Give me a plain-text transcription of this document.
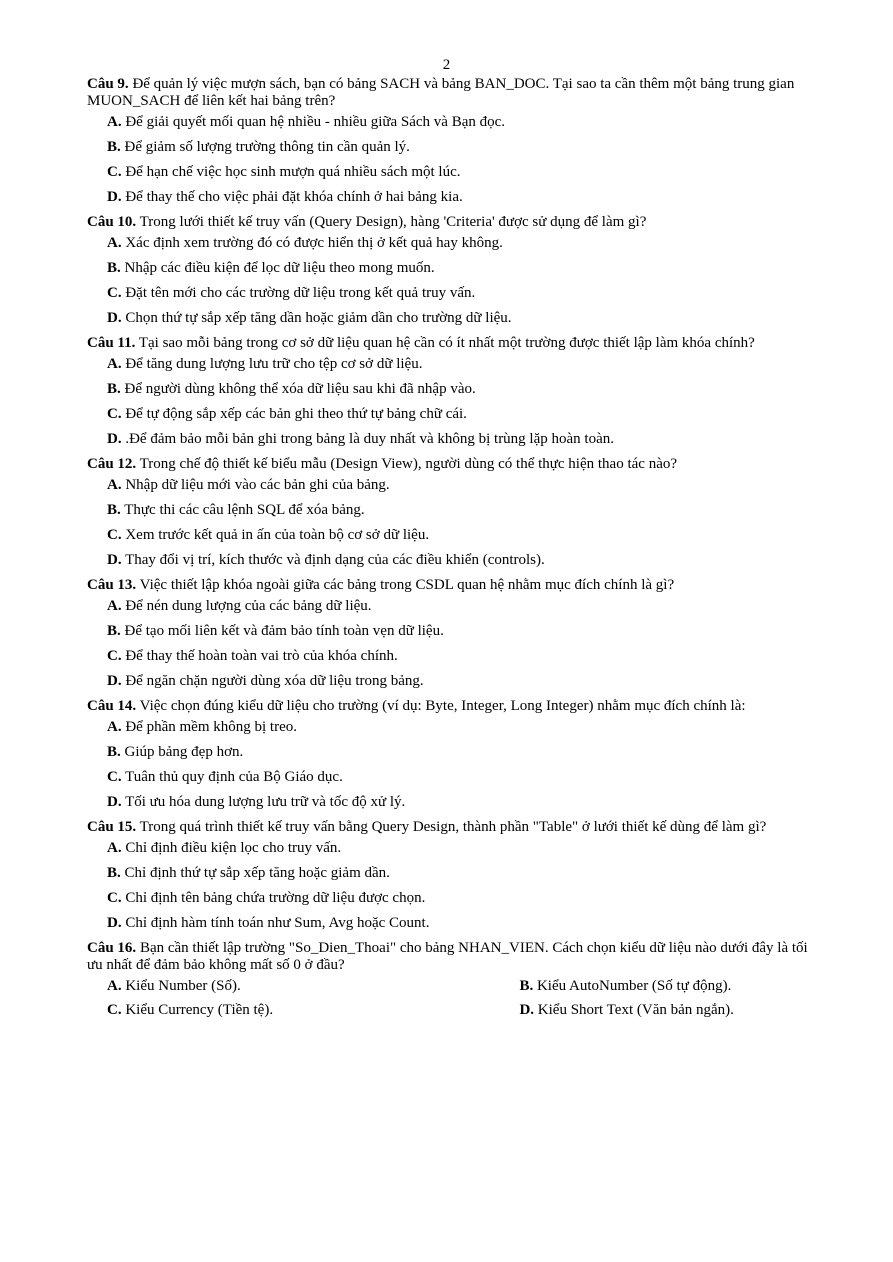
2

Câu 9. Để quản lý việc mượn sách, bạn có bảng SACH và bảng BAN_DOC. Tại sao ta cần thêm một bảng trung gian MUON_SACH để liên kết hai bảng trên?

A. Để giải quyết mối quan hệ nhiều - nhiều giữa Sách và Bạn đọc.
B. Để giảm số lượng trường thông tin cần quản lý.
C. Để hạn chế việc học sinh mượn quá nhiều sách một lúc.
D. Để thay thế cho việc phải đặt khóa chính ở hai bảng kia.

Câu 10. Trong lưới thiết kế truy vấn (Query Design), hàng 'Criteria' được sử dụng để làm gì?

A. Xác định xem trường đó có được hiển thị ở kết quả hay không.
B. Nhập các điều kiện để lọc dữ liệu theo mong muốn.
C. Đặt tên mới cho các trường dữ liệu trong kết quả truy vấn.
D. Chọn thứ tự sắp xếp tăng dần hoặc giảm dần cho trường dữ liệu.

Câu 11. Tại sao mỗi bảng trong cơ sở dữ liệu quan hệ cần có ít nhất một trường được thiết lập làm khóa chính?

A. Để tăng dung lượng lưu trữ cho tệp cơ sở dữ liệu.
B. Để người dùng không thể xóa dữ liệu sau khi đã nhập vào.
C. Để tự động sắp xếp các bản ghi theo thứ tự bảng chữ cái.
D. .Để đảm bảo mỗi bản ghi trong bảng là duy nhất và không bị trùng lặp hoàn toàn.

Câu 12. Trong chế độ thiết kế biểu mẫu (Design View), người dùng có thể thực hiện thao tác nào?

A. Nhập dữ liệu mới vào các bản ghi của bảng.
B. Thực thi các câu lệnh SQL để xóa bảng.
C. Xem trước kết quả in ấn của toàn bộ cơ sở dữ liệu.
D. Thay đổi vị trí, kích thước và định dạng của các điều khiển (controls).

Câu 13. Việc thiết lập khóa ngoài giữa các bảng trong CSDL quan hệ nhằm mục đích chính là gì?

A. Để nén dung lượng của các bảng dữ liệu.
B. Để tạo mối liên kết và đảm bảo tính toàn vẹn dữ liệu.
C. Để thay thế hoàn toàn vai trò của khóa chính.
D. Để ngăn chặn người dùng xóa dữ liệu trong bảng.

Câu 14. Việc chọn đúng kiểu dữ liệu cho trường (ví dụ: Byte, Integer, Long Integer) nhằm mục đích chính là:

A. Để phần mềm không bị treo.
B. Giúp bảng đẹp hơn.
C. Tuân thủ quy định của Bộ Giáo dục.
D. Tối ưu hóa dung lượng lưu trữ và tốc độ xử lý.

Câu 15. Trong quá trình thiết kế truy vấn bằng Query Design, thành phần "Table" ở lưới thiết kế dùng để làm gì?

A. Chỉ định điều kiện lọc cho truy vấn.
B. Chỉ định thứ tự sắp xếp tăng hoặc giảm dần.
C. Chỉ định tên bảng chứa trường dữ liệu được chọn.
D. Chỉ định hàm tính toán như Sum, Avg hoặc Count.

Câu 16. Bạn cần thiết lập trường "So_Dien_Thoai" cho bảng NHAN_VIEN. Cách chọn kiểu dữ liệu nào dưới đây là tối ưu nhất để đảm bảo không mất số 0 ở đầu?

A. Kiểu Number (Số).	B. Kiểu AutoNumber (Số tự động).
C. Kiểu Currency (Tiền tệ).	D. Kiểu Short Text (Văn bản ngắn).
